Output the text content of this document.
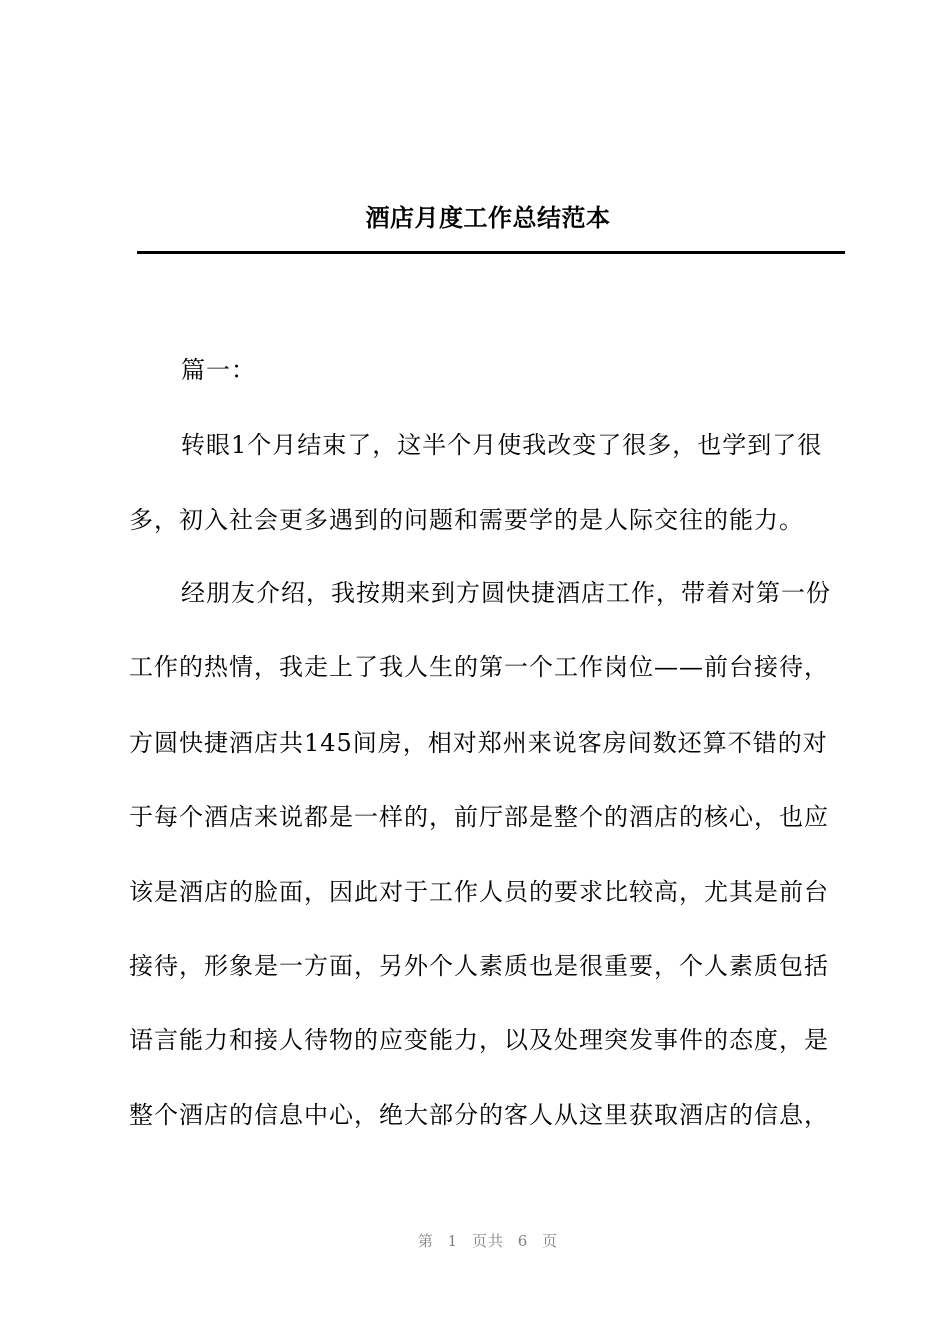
酒店月度工作总结范本
篇一：
转眼1个月结束了，这半个月使我改变了很多，也学到了很
多，初入社会更多遇到的问题和需要学的是人际交往的能力。
经朋友介绍，我按期来到方圆快捷酒店工作，带着对第一份
工作的热情，我走上了我人生的第一个工作岗位——前台接待，
方圆快捷酒店共145间房，相对郑州来说客房间数还算不错的对
于每个酒店来说都是一样的，前厅部是整个的酒店的核心，也应
该是酒店的脸面，因此对于工作人员的要求比较高，尤其是前台
接待，形象是一方面，另外个人素质也是很重要，个人素质包括
语言能力和接人待物的应变能力，以及处理突发事件的态度，是
整个酒店的信息中心，绝大部分的客人从这里获取酒店的信息，
第 1 页共 6 页
